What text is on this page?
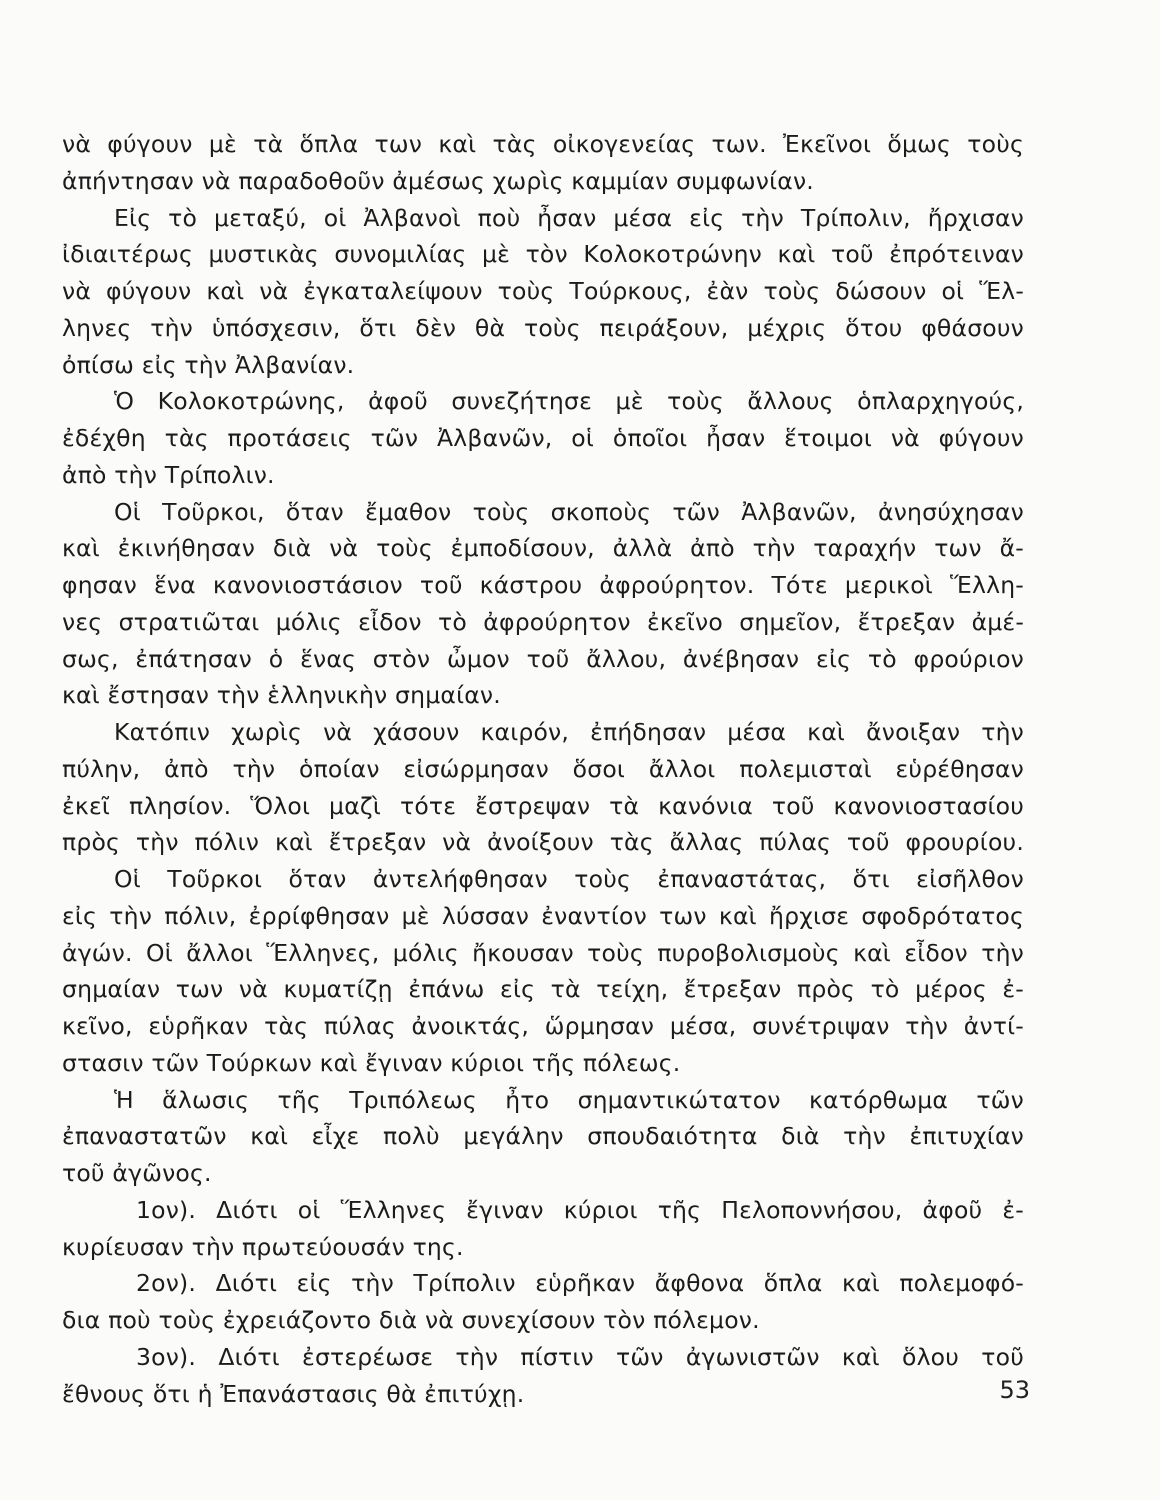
νὰ φύγουν μὲ τὰ ὅπλα των καὶ τὰς οἰκογενείας των. Ἐκεῖνοι ὅμως τοὺς
ἀπήντησαν νὰ παραδοθοῦν ἀμέσως χωρὶς καμμίαν συμφωνίαν.
Εἰς τὸ μεταξύ, οἱ Ἀλβανοὶ ποὺ ἦσαν μέσα εἰς τὴν Τρίπολιν, ἤρχισαν
ἰδιαιτέρως μυστικὰς συνομιλίας μὲ τὸν Κολοκοτρώνην καὶ τοῦ ἐπρότειναν
νὰ φύγουν καὶ νὰ ἐγκαταλείψουν τοὺς Τούρκους, ἐὰν τοὺς δώσουν οἱ Ἕλ-
ληνες τὴν ὑπόσχεσιν, ὅτι δὲν θὰ τοὺς πειράξουν, μέχρις ὅτου φθάσουν
ὀπίσω εἰς τὴν Ἀλβανίαν.
Ὁ Κολοκοτρώνης, ἀφοῦ συνεζήτησε μὲ τοὺς ἄλλους ὁπλαρχηγούς,
ἐδέχθη τὰς προτάσεις τῶν Ἀλβανῶν, οἱ ὁποῖοι ἦσαν ἕτοιμοι νὰ φύγουν
ἀπὸ τὴν Τρίπολιν.
Οἱ Τοῦρκοι, ὅταν ἔμαθον τοὺς σκοποὺς τῶν Ἀλβανῶν, ἀνησύχησαν
καὶ ἐκινήθησαν διὰ νὰ τοὺς ἐμποδίσουν, ἀλλὰ ἀπὸ τὴν ταραχήν των ἄ-
φησαν ἕνα κανονιοστάσιον τοῦ κάστρου ἀφρούρητον. Τότε μερικοὶ Ἕλλη-
νες στρατιῶται μόλις εἶδον τὸ ἀφρούρητον ἐκεῖνο σημεῖον, ἔτρεξαν ἀμέ-
σως, ἐπάτησαν ὁ ἕνας στὸν ὦμον τοῦ ἄλλου, ἀνέβησαν εἰς τὸ φρούριον
καὶ ἔστησαν τὴν ἑλληνικὴν σημαίαν.
Κατόπιν χωρὶς νὰ χάσουν καιρόν, ἐπήδησαν μέσα καὶ ἄνοιξαν τὴν
πύλην, ἀπὸ τὴν ὁποίαν εἰσώρμησαν ὅσοι ἄλλοι πολεμισταὶ εὑρέθησαν
ἐκεῖ πλησίον. Ὅλοι μαζὶ τότε ἔστρεψαν τὰ κανόνια τοῦ κανονιοστασίου
πρὸς τὴν πόλιν καὶ ἔτρεξαν νὰ ἀνοίξουν τὰς ἄλλας πύλας τοῦ φρουρίου.
Οἱ Τοῦρκοι ὅταν ἀντελήφθησαν τοὺς ἐπαναστάτας, ὅτι εἰσῆλθον
εἰς τὴν πόλιν, ἐρρίφθησαν μὲ λύσσαν ἐναντίον των καὶ ἤρχισε σφοδρότατος
ἀγών. Οἱ ἄλλοι Ἕλληνες, μόλις ἤκουσαν τοὺς πυροβολισμοὺς καὶ εἶδον τὴν
σημαίαν των νὰ κυματίζῃ ἐπάνω εἰς τὰ τείχη, ἔτρεξαν πρὸς τὸ μέρος ἐ-
κεῖνο, εὑρῆκαν τὰς πύλας ἀνοικτάς, ὥρμησαν μέσα, συνέτριψαν τὴν ἀντί-
στασιν τῶν Τούρκων καὶ ἔγιναν κύριοι τῆς πόλεως.
Ἡ ἅλωσις τῆς Τριπόλεως ἦτο σημαντικώτατον κατόρθωμα τῶν
ἐπαναστατῶν καὶ εἶχε πολὺ μεγάλην σπουδαιότητα διὰ τὴν ἐπιτυχίαν
τοῦ ἀγῶνος.
1ον). Διότι οἱ Ἕλληνες ἔγιναν κύριοι τῆς Πελοποννήσου, ἀφοῦ ἐ-
κυρίευσαν τὴν πρωτεύουσάν της.
2ον). Διότι εἰς τὴν Τρίπολιν εὑρῆκαν ἄφθονα ὅπλα καὶ πολεμοφό-
δια ποὺ τοὺς ἐχρειάζοντο διὰ νὰ συνεχίσουν τὸν πόλεμον.
3ον). Διότι ἐστερέωσε τὴν πίστιν τῶν ἀγωνιστῶν καὶ ὅλου τοῦ
ἔθνους ὅτι ἡ Ἐπανάστασις θὰ ἐπιτύχῃ.	53
